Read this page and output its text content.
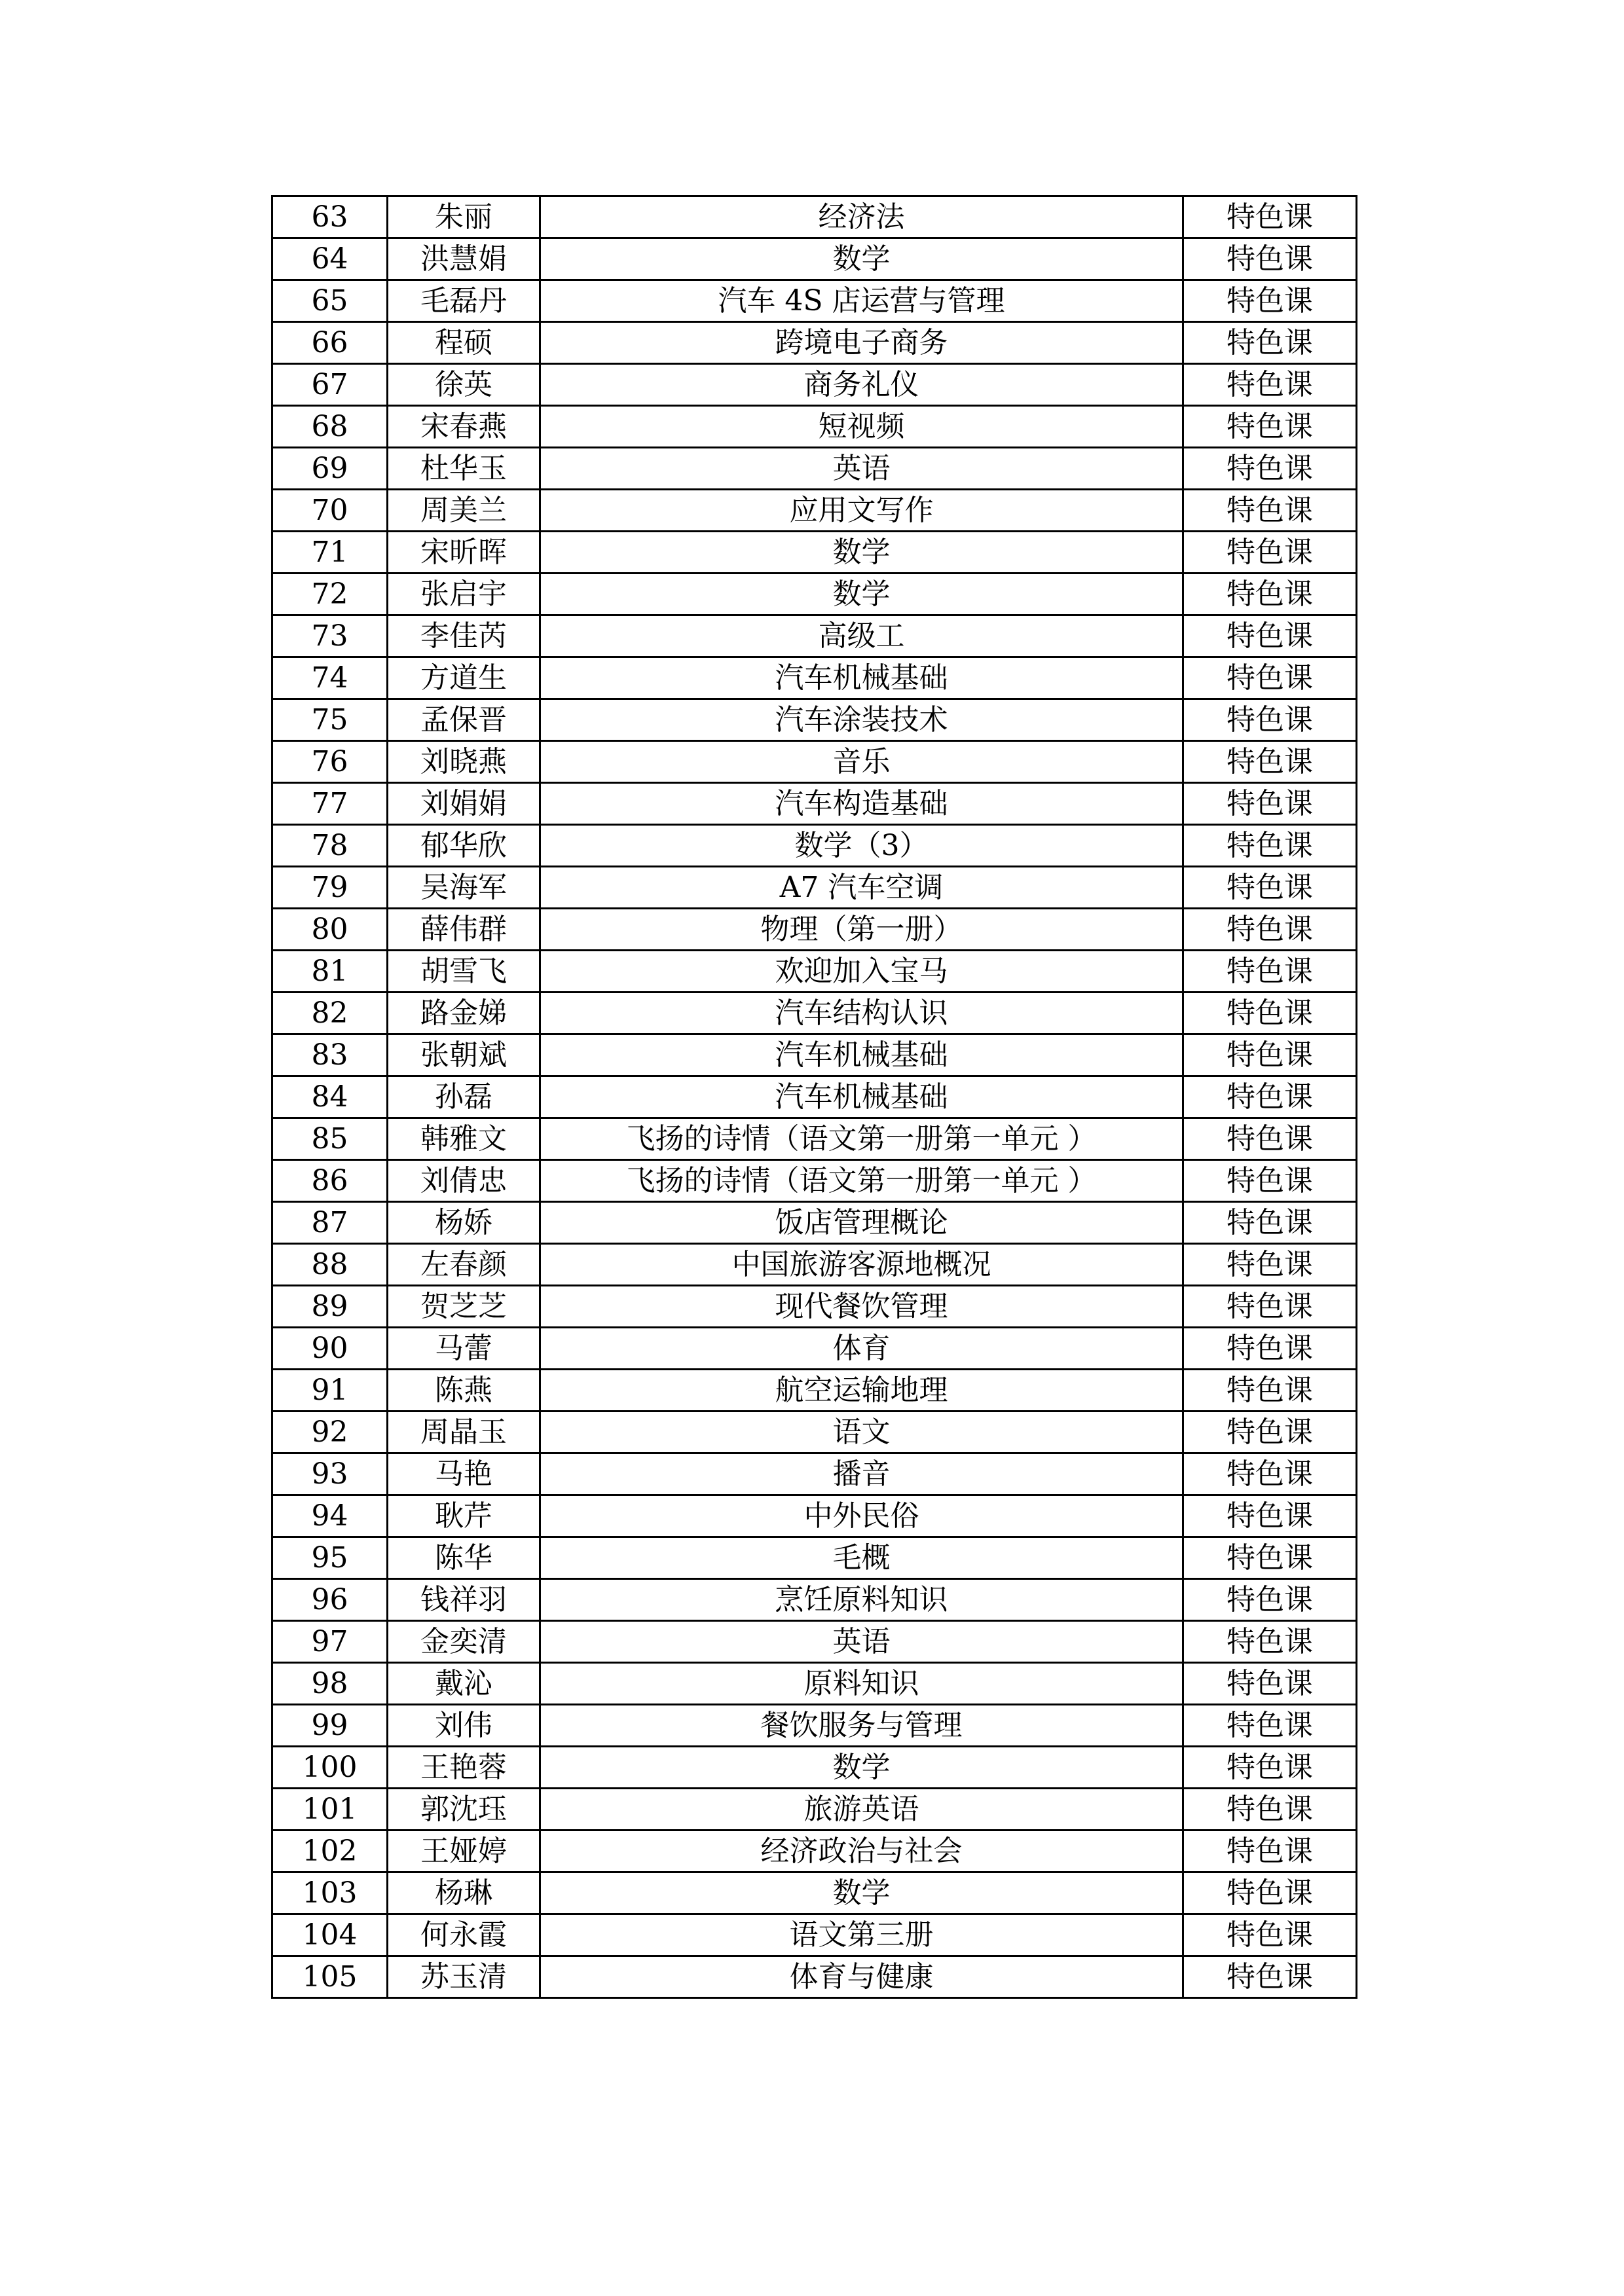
63	朱丽	经济法	特色课
64	洪慧娟	数学	特色课
65	毛磊丹	汽车 4S 店运营与管理	特色课
66	程硕	跨境电子商务	特色课
67	徐英	商务礼仪	特色课
68	宋春燕	短视频	特色课
69	杜华玉	英语	特色课
70	周美兰	应用文写作	特色课
71	宋昕晖	数学	特色课
72	张启宇	数学	特色课
73	李佳芮	高级工	特色课
74	方道生	汽车机械基础	特色课
75	孟保晋	汽车涂装技术	特色课
76	刘晓燕	音乐	特色课
77	刘娟娟	汽车构造基础	特色课
78	郁华欣	数学（3）	特色课
79	吴海军	A7 汽车空调	特色课
80	薛伟群	物理（第一册）	特色课
81	胡雪飞	欢迎加入宝马	特色课
82	路金娣	汽车结构认识	特色课
83	张朝斌	汽车机械基础	特色课
84	孙磊	汽车机械基础	特色课
85	韩雅文	飞扬的诗情（语文第一册第一单元 ）	特色课
86	刘倩忠	飞扬的诗情（语文第一册第一单元 ）	特色课
87	杨娇	饭店管理概论	特色课
88	左春颜	中国旅游客源地概况	特色课
89	贺芝芝	现代餐饮管理	特色课
90	马蕾	体育	特色课
91	陈燕	航空运输地理	特色课
92	周晶玉	语文	特色课
93	马艳	播音	特色课
94	耿芹	中外民俗	特色课
95	陈华	毛概	特色课
96	钱祥羽	烹饪原料知识	特色课
97	金奕清	英语	特色课
98	戴沁	原料知识	特色课
99	刘伟	餐饮服务与管理	特色课
100	王艳蓉	数学	特色课
101	郭沈珏	旅游英语	特色课
102	王娅婷	经济政治与社会	特色课
103	杨琳	数学	特色课
104	何永霞	语文第三册	特色课
105	苏玉清	体育与健康	特色课
